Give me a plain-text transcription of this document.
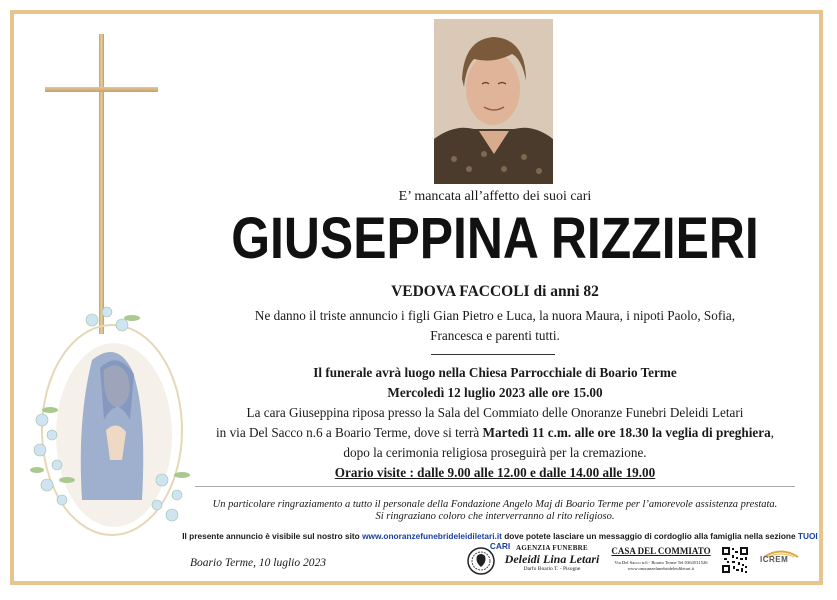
E’ mancata all’affetto dei suoi cari
GIUSEPPINA RIZZIERI
VEDOVA FACCOLI di anni 82
Ne danno il triste annuncio i figli Gian Pietro e Luca, la nuora Maura, i nipoti Paolo, Sofia,
Francesca e parenti tutti.
Il funerale avrà luogo nella Chiesa Parrocchiale di Boario Terme
Mercoledì 12 luglio 2023 alle ore 15.00
La cara Giuseppina riposa presso la Sala del Commiato delle Onoranze Funebri Deleidi Letari
in via Del Sacco n.6 a Boario Terme, dove si terrà Martedì 11 c.m. alle ore 18.30 la veglia di preghiera,
dopo la cerimonia religiosa proseguirà per la cremazione.
Orario visite : dalle 9.00 alle 12.00 e dalle 14.00 alle 19.00
Un particolare ringraziamento a tutto il personale della Fondazione Angelo Maj di Boario Terme per l’amorevole assistenza prestata.
Si ringraziano coloro che interverranno al rito religioso.
Il presente annuncio è visibile sul nostro sito www.onoranzefunebrideleidiletari.it dove potete lasciare un messaggio di cordoglio alla famiglia nella sezione TUOI CARI
Boario Terme, 10 luglio 2023
AGENZIA FUNEBRE
Deleidi Lina Letari
Darfo Boario T. - Pisogne
CASA DEL COMMIATO
Via Del Sacco n.6 - Boario Terme Tel.0364531526
www.onoranzefunebrideleidiletari.it
ICREM
